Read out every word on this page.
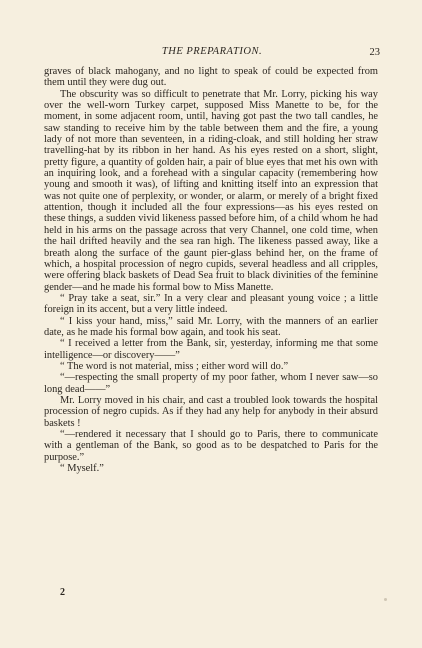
THE PREPARATION.	23

graves of black mahogany, and no light to speak of could be expected from them until they were dug out.

The obscurity was so difficult to penetrate that Mr. Lorry, picking his way over the well-worn Turkey carpet, supposed Miss Manette to be, for the moment, in some adjacent room, until, having got past the two tall candles, he saw standing to receive him by the table between them and the fire, a young lady of not more than seventeen, in a riding-cloak, and still holding her straw travelling-hat by its ribbon in her hand. As his eyes rested on a short, slight, pretty figure, a quantity of golden hair, a pair of blue eyes that met his own with an inquiring look, and a forehead with a singular capacity (remembering how young and smooth it was), of lifting and knitting itself into an expression that was not quite one of perplexity, or wonder, or alarm, or merely of a bright fixed attention, though it included all the four expressions—as his eyes rested on these things, a sudden vivid likeness passed before him, of a child whom he had held in his arms on the passage across that very Channel, one cold time, when the hail drifted heavily and the sea ran high. The likeness passed away, like a breath along the surface of the gaunt pier-glass behind her, on the frame of which, a hospital procession of negro cupids, several headless and all cripples, were offering black baskets of Dead Sea fruit to black divinities of the feminine gender—and he made his formal bow to Miss Manette.

“ Pray take a seat, sir.” In a very clear and pleasant young voice ; a little foreign in its accent, but a very little indeed.

“ I kiss your hand, miss,” said Mr. Lorry, with the manners of an earlier date, as he made his formal bow again, and took his seat.

“ I received a letter from the Bank, sir, yesterday, informing me that some intelligence—or discovery——”

“ The word is not material, miss ; either word will do.”

“—respecting the small property of my poor father, whom I never saw—so long dead——”

Mr. Lorry moved in his chair, and cast a troubled look towards the hospital procession of negro cupids. As if they had any help for anybody in their absurd baskets !

“—rendered it necessary that I should go to Paris, there to communicate with a gentleman of the Bank, so good as to be despatched to Paris for the purpose.”

“ Myself.”

2
